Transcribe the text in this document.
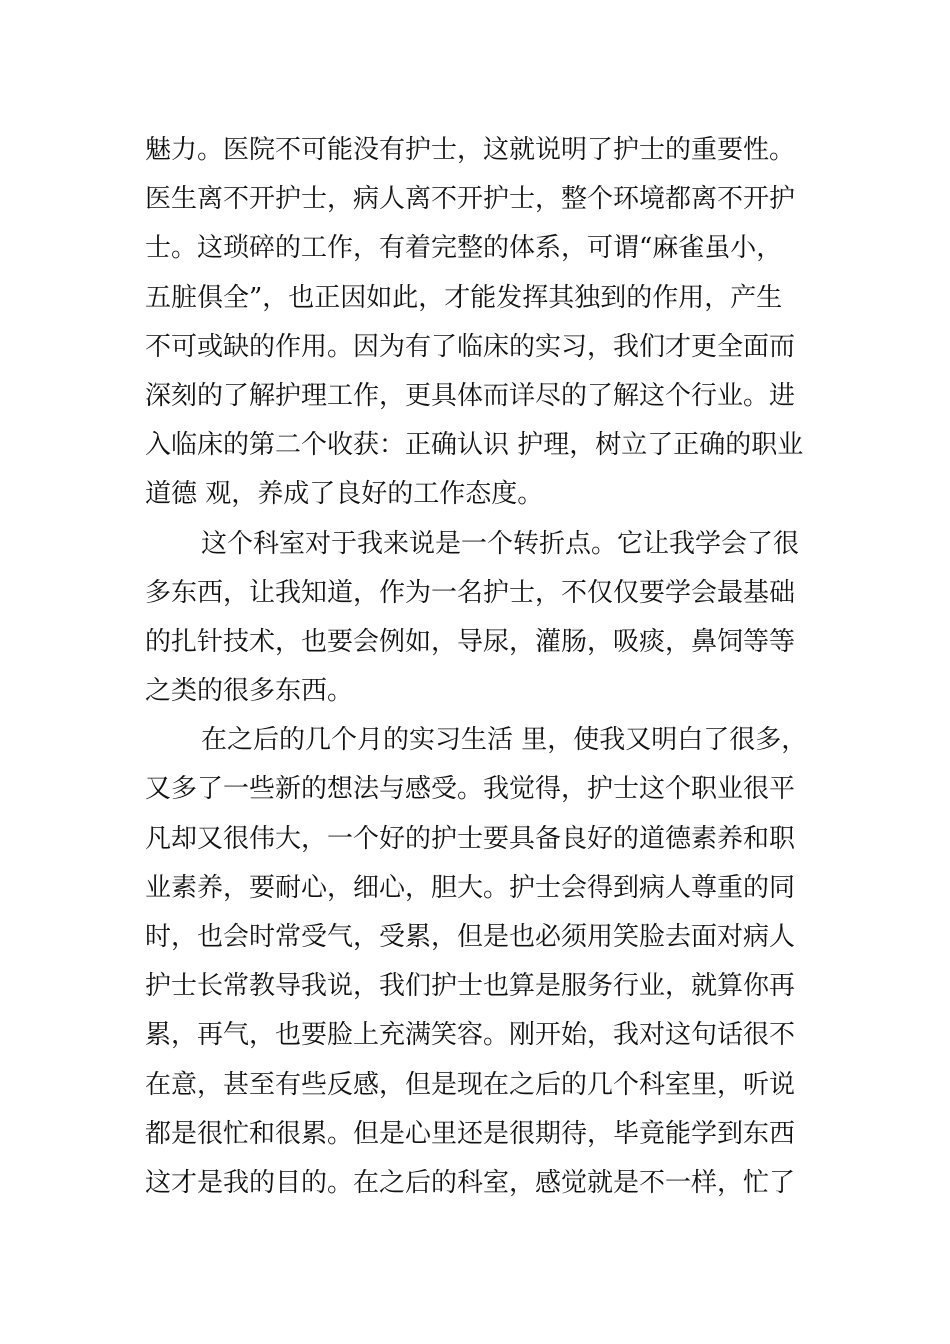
魅力。医院不可能没有护士，这就说明了护士的重要性。
医生离不开护士，病人离不开护士，整个环境都离不开护
士。这琐碎的工作，有着完整的体系，可谓“麻雀虽小，
五脏俱全”，也正因如此，才能发挥其独到的作用，产生
不可或缺的作用。因为有了临床的实习，我们才更全面而
深刻的了解护理工作，更具体而详尽的了解这个行业。进
入临床的第二个收获：正确认识 护理，树立了正确的职业
道德 观，养成了良好的工作态度。
这个科室对于我来说是一个转折点。它让我学会了很
多东西，让我知道，作为一名护士，不仅仅要学会最基础
的扎针技术，也要会例如，导尿，灌肠，吸痰，鼻饲等等
之类的很多东西。
在之后的几个月的实习生活 里，使我又明白了很多，
又多了一些新的想法与感受。我觉得，护士这个职业很平
凡却又很伟大，一个好的护士要具备良好的道德素养和职
业素养，要耐心，细心，胆大。护士会得到病人尊重的同
时，也会时常受气，受累，但是也必须用笑脸去面对病人
护士长常教导我说，我们护士也算是服务行业，就算你再
累，再气，也要脸上充满笑容。刚开始，我对这句话很不
在意，甚至有些反感，但是现在之后的几个科室里，听说
都是很忙和很累。但是心里还是很期待，毕竟能学到东西
这才是我的目的。在之后的科室，感觉就是不一样，忙了
